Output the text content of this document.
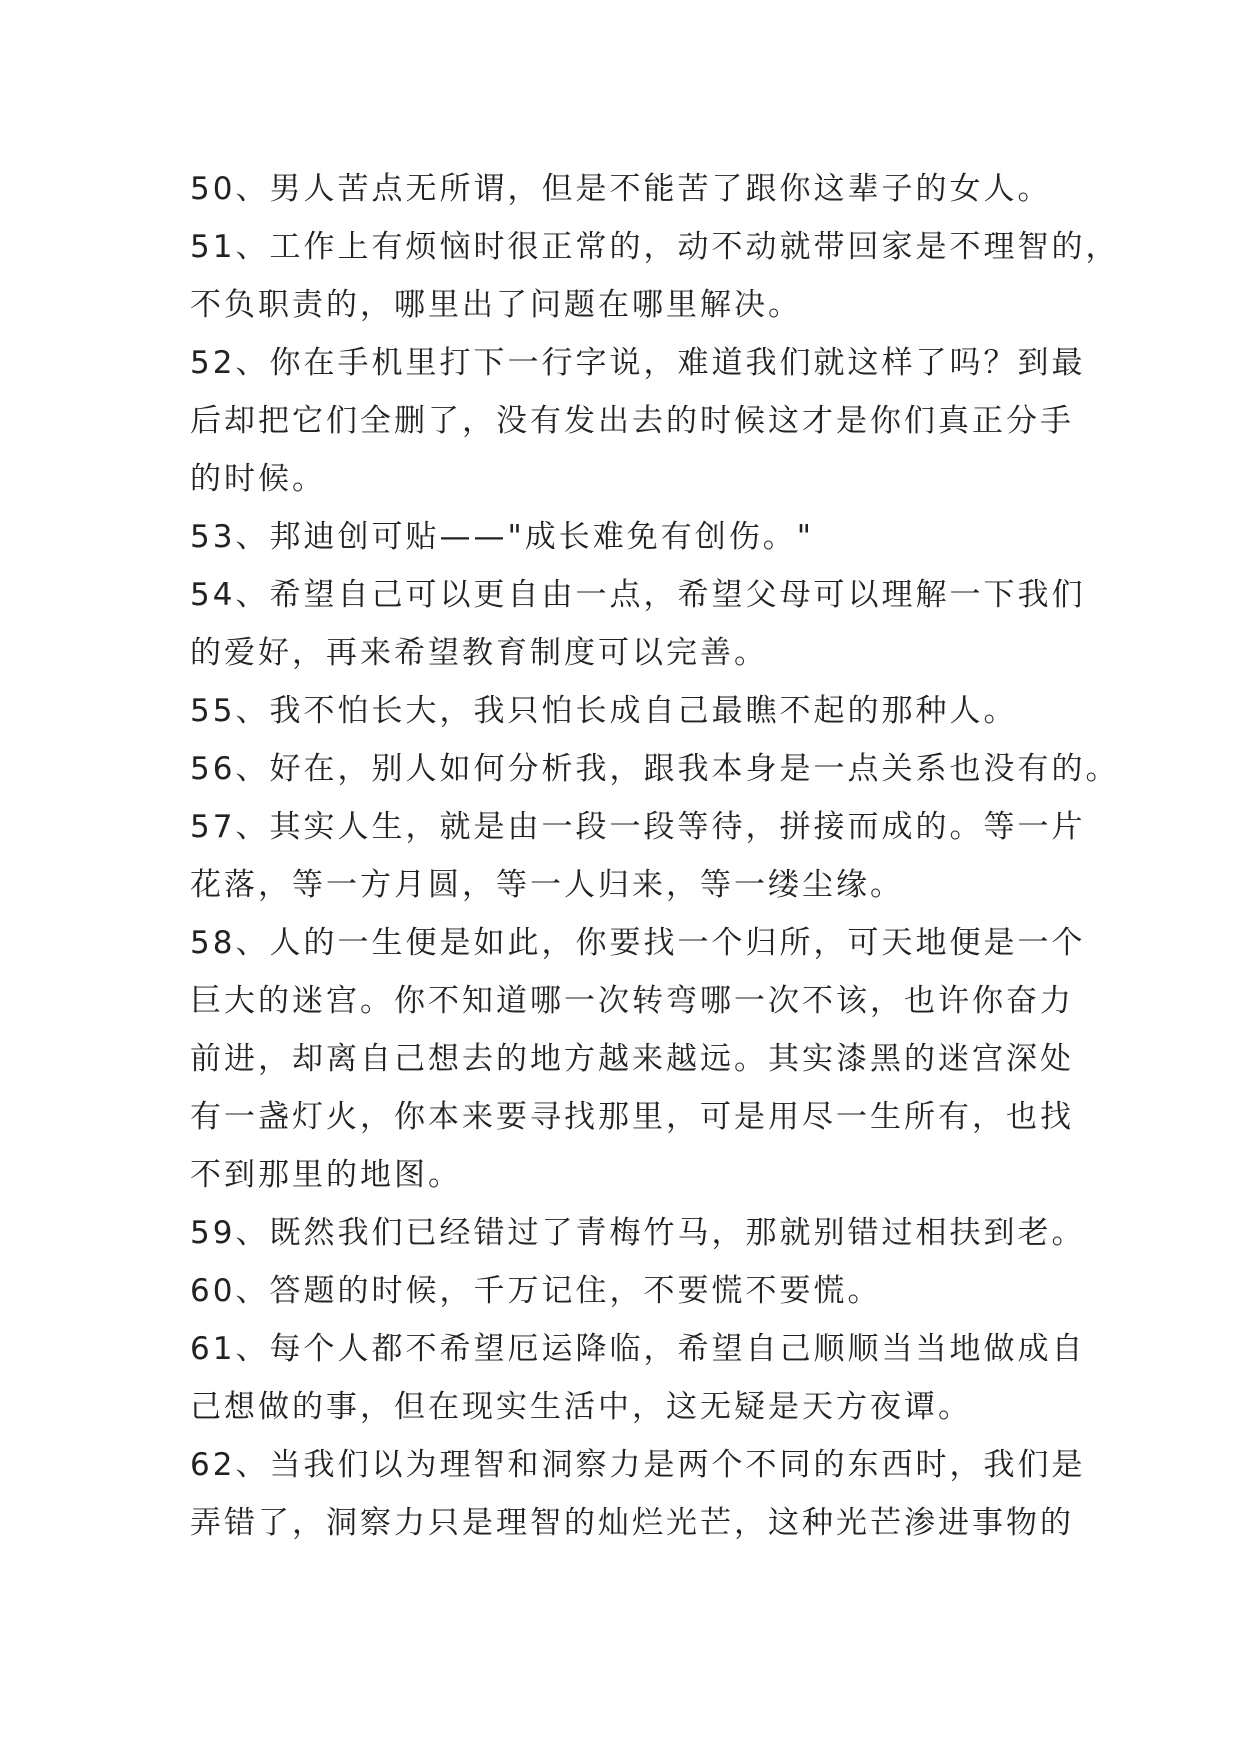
50、男人苦点无所谓，但是不能苦了跟你这辈子的女人。
51、工作上有烦恼时很正常的，动不动就带回家是不理智的，
不负职责的，哪里出了问题在哪里解决。
52、你在手机里打下一行字说，难道我们就这样了吗？到最
后却把它们全删了，没有发出去的时候这才是你们真正分手
的时候。
53、邦迪创可贴——"成长难免有创伤。"
54、希望自己可以更自由一点，希望父母可以理解一下我们
的爱好，再来希望教育制度可以完善。
55、我不怕长大，我只怕长成自己最瞧不起的那种人。
56、好在，别人如何分析我，跟我本身是一点关系也没有的。
57、其实人生，就是由一段一段等待，拼接而成的。等一片
花落，等一方月圆，等一人归来，等一缕尘缘。
58、人的一生便是如此，你要找一个归所，可天地便是一个
巨大的迷宫。你不知道哪一次转弯哪一次不该，也许你奋力
前进，却离自己想去的地方越来越远。其实漆黑的迷宫深处
有一盏灯火，你本来要寻找那里，可是用尽一生所有，也找
不到那里的地图。
59、既然我们已经错过了青梅竹马，那就别错过相扶到老。
60、答题的时候，千万记住，不要慌不要慌。
61、每个人都不希望厄运降临，希望自己顺顺当当地做成自
己想做的事，但在现实生活中，这无疑是天方夜谭。
62、当我们以为理智和洞察力是两个不同的东西时，我们是
弄错了，洞察力只是理智的灿烂光芒，这种光芒渗进事物的
